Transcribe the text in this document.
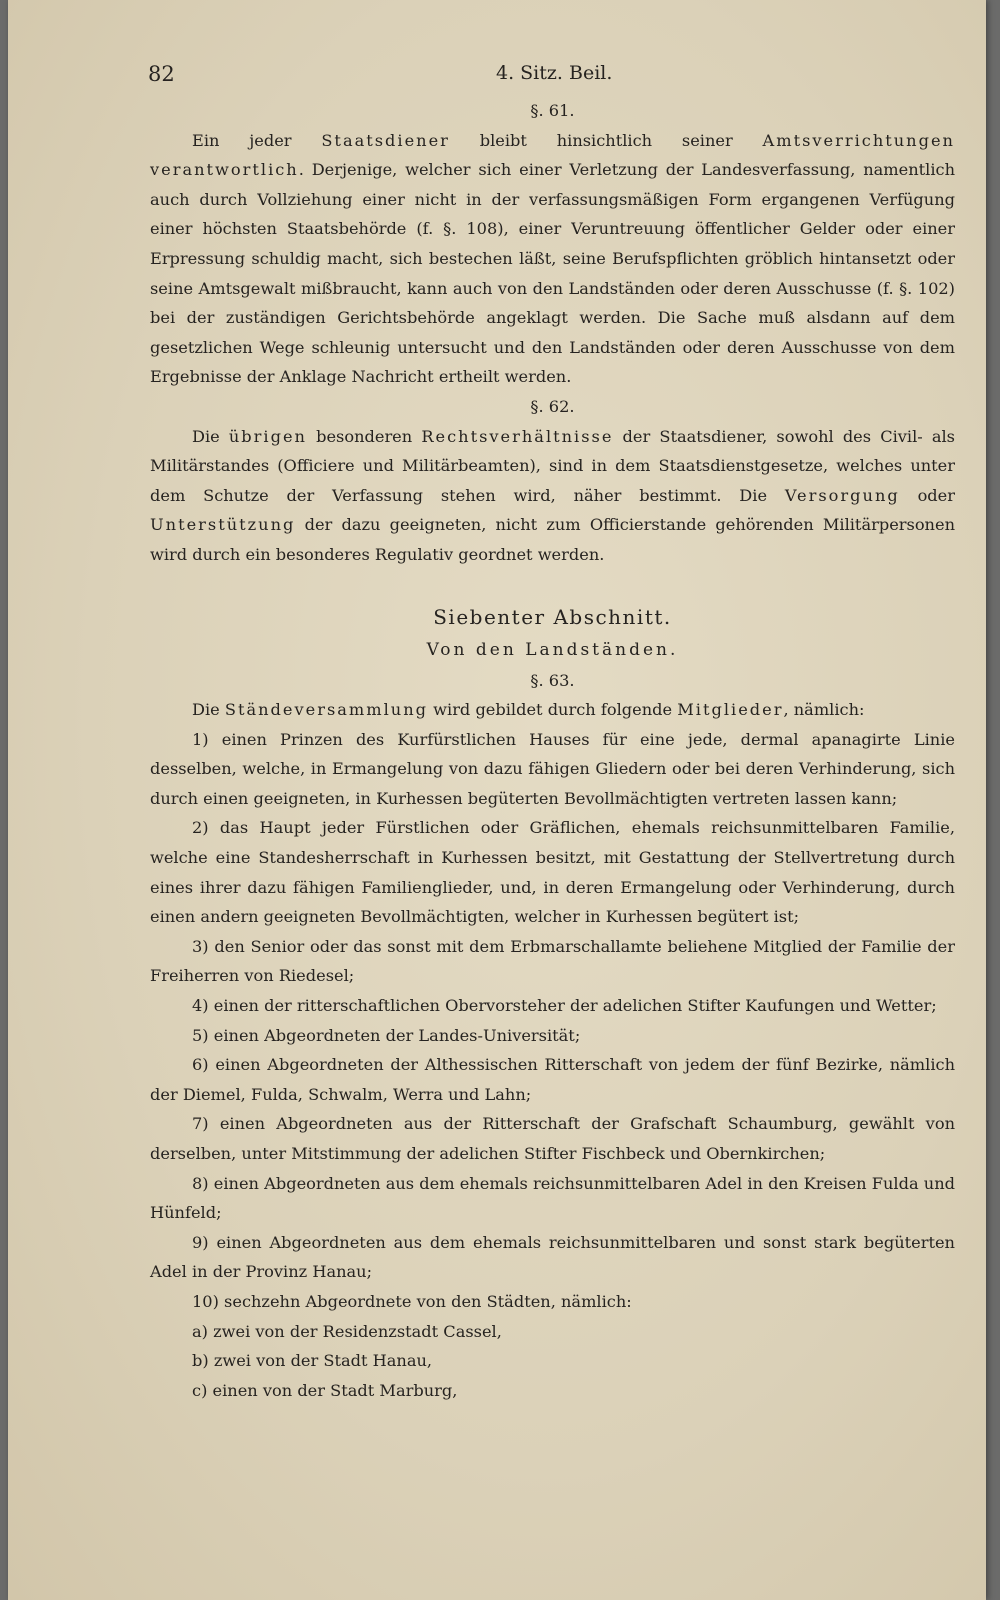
82	4. Sitz. Beil.

§. 61.

Ein jeder Staatsdiener bleibt hinsichtlich seiner Amtsverrichtungen verantwortlich. Derjenige, welcher sich einer Verletzung der Landesverfassung, namentlich auch durch Vollziehung einer nicht in der verfassungsmäßigen Form ergangenen Verfügung einer höchsten Staatsbehörde (f. §. 108), einer Veruntreuung öffentlicher Gelder oder einer Erpressung schuldig macht, sich bestechen läßt, seine Berufspflichten gröblich hintansetzt oder seine Amtsgewalt mißbraucht, kann auch von den Landständen oder deren Ausschusse (f. §. 102) bei der zuständigen Gerichtsbehörde angeklagt werden. Die Sache muß alsdann auf dem gesetzlichen Wege schleunig untersucht und den Landständen oder deren Ausschusse von dem Ergebnisse der Anklage Nachricht ertheilt werden.

§. 62.

Die übrigen besonderen Rechtsverhältnisse der Staatsdiener, sowohl des Civil- als Militärstandes (Officiere und Militärbeamten), sind in dem Staatsdienstgesetze, welches unter dem Schutze der Verfassung stehen wird, näher bestimmt. Die Versorgung oder Unterstützung der dazu geeigneten, nicht zum Officierstande gehörenden Militärpersonen wird durch ein besonderes Regulativ geordnet werden.

Siebenter Abschnitt.

Von den Landständen.

§. 63.

Die Ständeversammlung wird gebildet durch folgende Mitglieder, nämlich:

1) einen Prinzen des Kurfürstlichen Hauses für eine jede, dermal apanagirte Linie desselben, welche, in Ermangelung von dazu fähigen Gliedern oder bei deren Verhinderung, sich durch einen geeigneten, in Kurhessen begüterten Bevollmächtigten vertreten lassen kann;

2) das Haupt jeder Fürstlichen oder Gräflichen, ehemals reichsunmittelbaren Familie, welche eine Standesherrschaft in Kurhessen besitzt, mit Gestattung der Stellvertretung durch eines ihrer dazu fähigen Familienglieder, und, in deren Ermangelung oder Verhinderung, durch einen andern geeigneten Bevollmächtigten, welcher in Kurhessen begütert ist;

3) den Senior oder das sonst mit dem Erbmarschallamte beliehene Mitglied der Familie der Freiherren von Riedesel;

4) einen der ritterschaftlichen Obervorsteher der adelichen Stifter Kaufungen und Wetter;

5) einen Abgeordneten der Landes-Universität;

6) einen Abgeordneten der Althessischen Ritterschaft von jedem der fünf Bezirke, nämlich der Diemel, Fulda, Schwalm, Werra und Lahn;

7) einen Abgeordneten aus der Ritterschaft der Grafschaft Schaumburg, gewählt von derselben, unter Mitstimmung der adelichen Stifter Fischbeck und Obernkirchen;

8) einen Abgeordneten aus dem ehemals reichsunmittelbaren Adel in den Kreisen Fulda und Hünfeld;

9) einen Abgeordneten aus dem ehemals reichsunmittelbaren und sonst stark begüterten Adel in der Provinz Hanau;

10) sechzehn Abgeordnete von den Städten, nämlich:

a) zwei von der Residenzstadt Cassel,

b) zwei von der Stadt Hanau,

c) einen von der Stadt Marburg,
